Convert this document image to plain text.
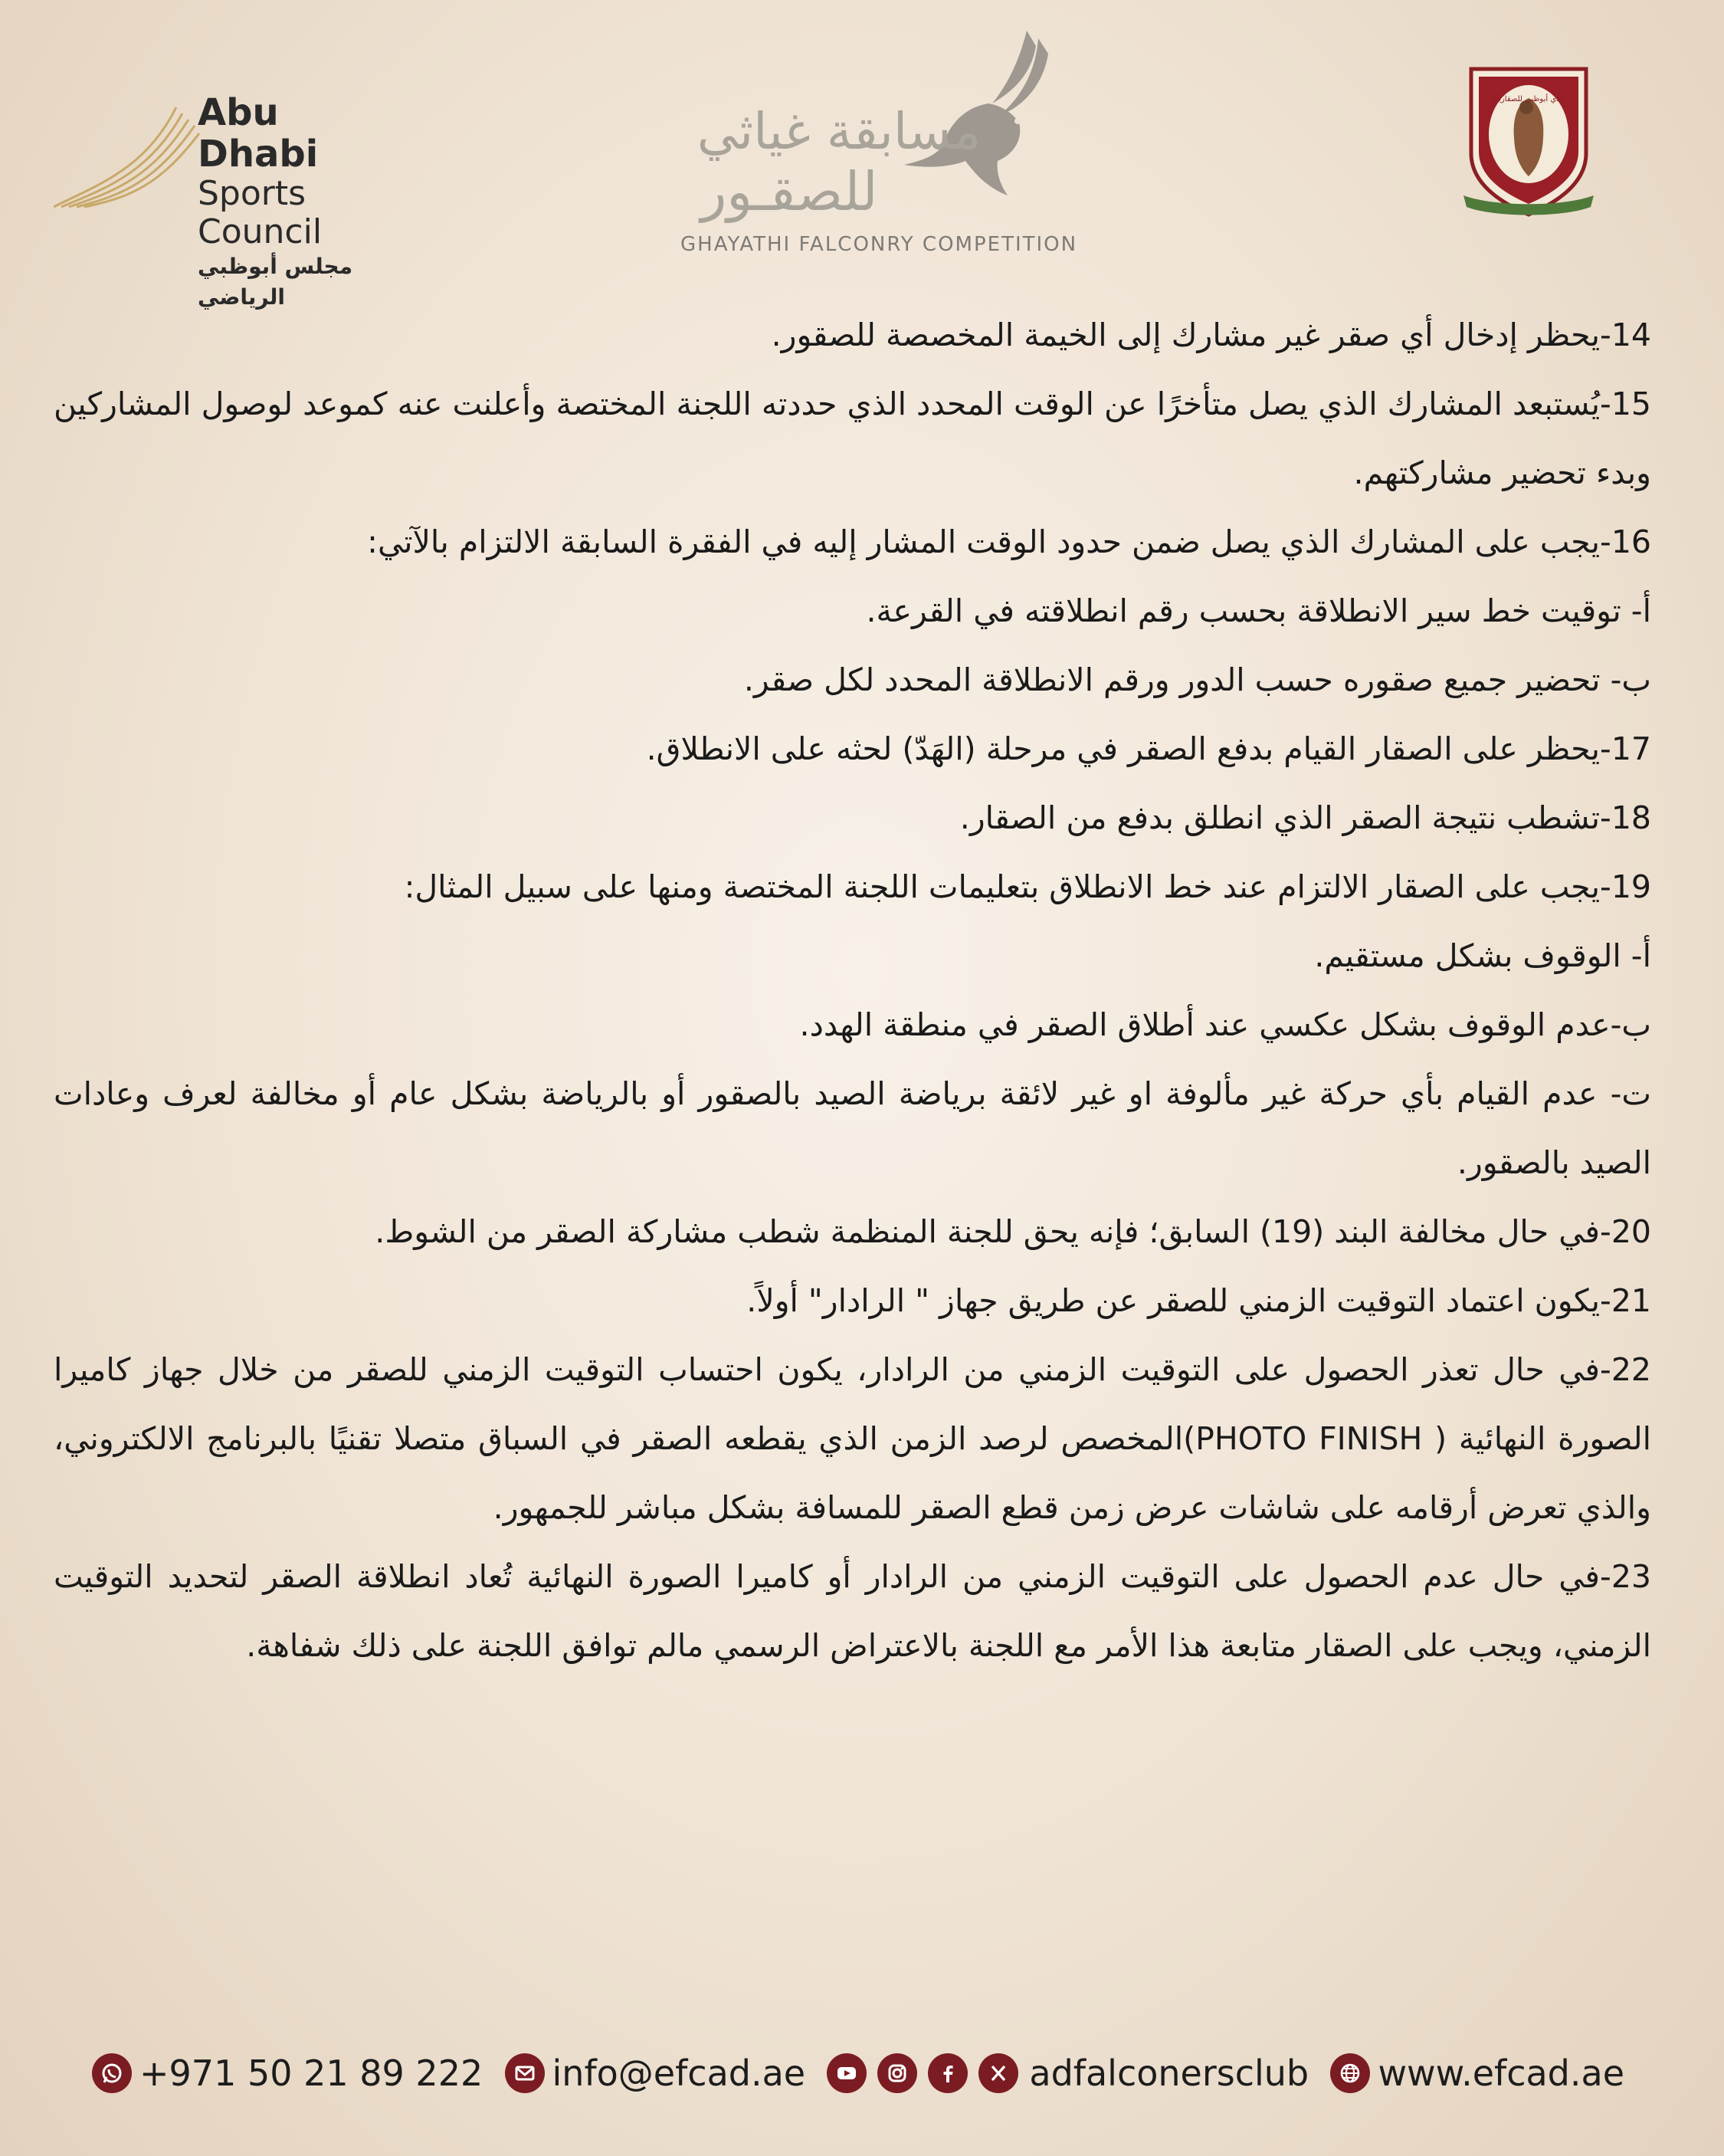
Abu Dhabi
Sports Council
مجلس أبوظبي الرياضي
مسابقة غياثي
للصقـور
GHAYATHI FALCONRY COMPETITION
نادي أبوظبي للصقارين

14-يحظر إدخال أي صقر غير مشارك إلى الخيمة المخصصة للصقور.

15-يُستبعد المشارك الذي يصل متأخرًا عن الوقت المحدد الذي حددته اللجنة المختصة وأعلنت عنه كموعد لوصول المشاركين وبدء تحضير مشاركتهم.

16-يجب على المشارك الذي يصل ضمن حدود الوقت المشار إليه في الفقرة السابقة الالتزام بالآتي:

أ- توقيت خط سير الانطلاقة بحسب رقم انطلاقته في القرعة.

ب- تحضير جميع صقوره حسب الدور ورقم الانطلاقة المحدد لكل صقر.

17-يحظر على الصقار القيام بدفع الصقر في مرحلة (الهَدّ) لحثه على الانطلاق.

18-تشطب نتيجة الصقر الذي انطلق بدفع من الصقار.

19-يجب على الصقار الالتزام عند خط الانطلاق بتعليمات اللجنة المختصة ومنها على سبيل المثال:

أ- الوقوف بشكل مستقيم.

ب-عدم الوقوف بشكل عكسي عند أطلاق الصقر في منطقة الهدد.

ت- عدم القيام بأي حركة غير مألوفة او غير لائقة برياضة الصيد بالصقور أو بالرياضة بشكل عام أو مخالفة لعرف وعادات الصيد بالصقور.

20-في حال مخالفة البند (19) السابق؛ فإنه يحق للجنة المنظمة شطب مشاركة الصقر من الشوط.

21-يكون اعتماد التوقيت الزمني للصقر عن طريق جهاز " الرادار" أولاً.

22-في حال تعذر الحصول على التوقيت الزمني من الرادار، يكون احتساب التوقيت الزمني للصقر من خلال جهاز كاميرا الصورة النهائية ( PHOTO FINISH)المخصص لرصد الزمن الذي يقطعه الصقر في السباق متصلا تقنيًا بالبرنامج الالكتروني، والذي تعرض أرقامه على شاشات عرض زمن قطع الصقر للمسافة بشكل مباشر للجمهور.

23-في حال عدم الحصول على التوقيت الزمني من الرادار أو كاميرا الصورة النهائية تُعاد انطلاقة الصقر لتحديد التوقيت الزمني، ويجب على الصقار متابعة هذا الأمر مع اللجنة بالاعتراض الرسمي مالم توافق اللجنة على ذلك شفاهة.

+971 50 21 89 222 info@efcad.ae	adfalconersclub www.efcad.ae
